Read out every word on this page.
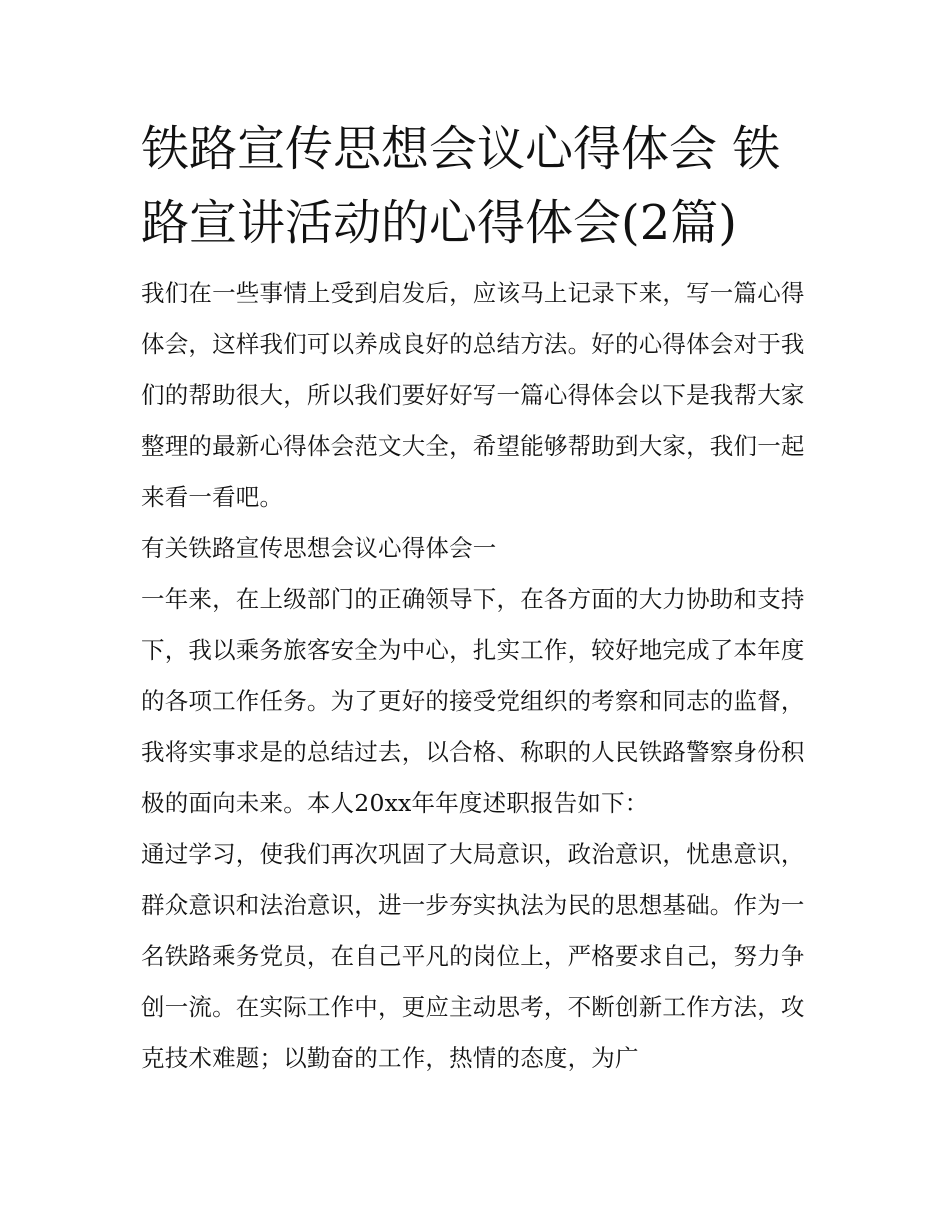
铁路宣传思想会议心得体会 铁路宣讲活动的心得体会(2篇)

我们在一些事情上受到启发后，应该马上记录下来，写一篇心得体会，这样我们可以养成良好的总结方法。好的心得体会对于我们的帮助很大，所以我们要好好写一篇心得体会以下是我帮大家整理的最新心得体会范文大全，希望能够帮助到大家，我们一起来看一看吧。

有关铁路宣传思想会议心得体会一

一年来，在上级部门的正确领导下，在各方面的大力协助和支持下，我以乘务旅客安全为中心，扎实工作，较好地完成了本年度的各项工作任务。为了更好的接受党组织的考察和同志的监督，我将实事求是的总结过去，以合格、称职的人民铁路警察身份积极的面向未来。本人20xx年年度述职报告如下：

通过学习，使我们再次巩固了大局意识，政治意识，忧患意识，群众意识和法治意识，进一步夯实执法为民的思想基础。作为一名铁路乘务党员，在自己平凡的岗位上，严格要求自己，努力争创一流。在实际工作中，更应主动思考，不断创新工作方法，攻克技术难题；以勤奋的工作，热情的态度，为广
